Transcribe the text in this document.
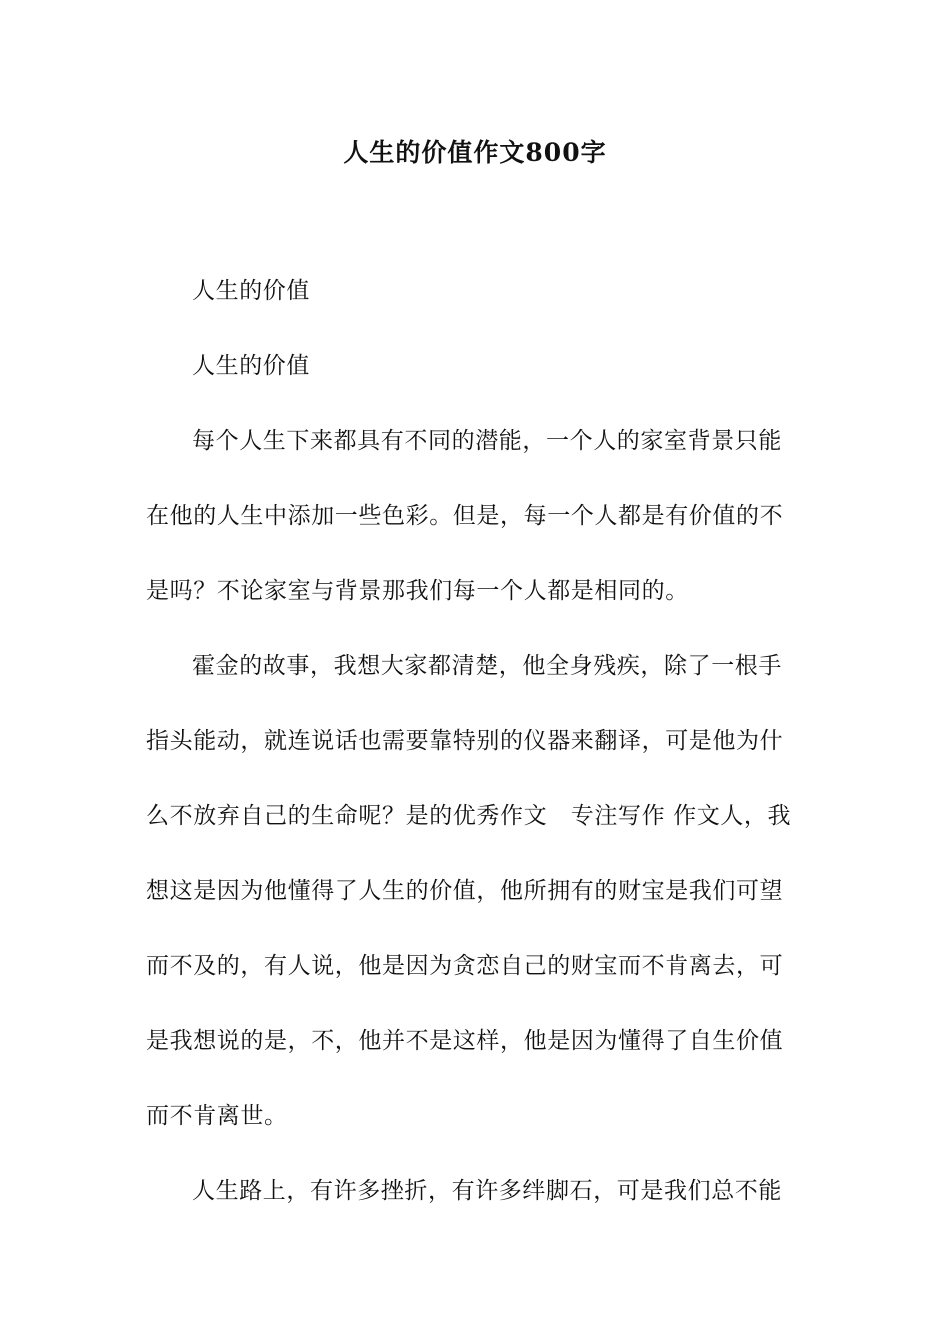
人生的价值作文800字

人生的价值

人生的价值

每个人生下来都具有不同的潜能，一个人的家室背景只能
在他的人生中添加一些色彩。但是，每一个人都是有价值的不
是吗？不论家室与背景那我们每一个人都是相同的。

霍金的故事，我想大家都清楚，他全身残疾，除了一根手
指头能动，就连说话也需要靠特别的仪器来翻译，可是他为什
么不放弃自己的生命呢？是的优秀作文　专注写作 作文人，我
想这是因为他懂得了人生的价值，他所拥有的财宝是我们可望
而不及的，有人说，他是因为贪恋自己的财宝而不肯离去，可
是我想说的是，不，他并不是这样，他是因为懂得了自生价值
而不肯离世。

人生路上，有许多挫折，有许多绊脚石，可是我们总不能
